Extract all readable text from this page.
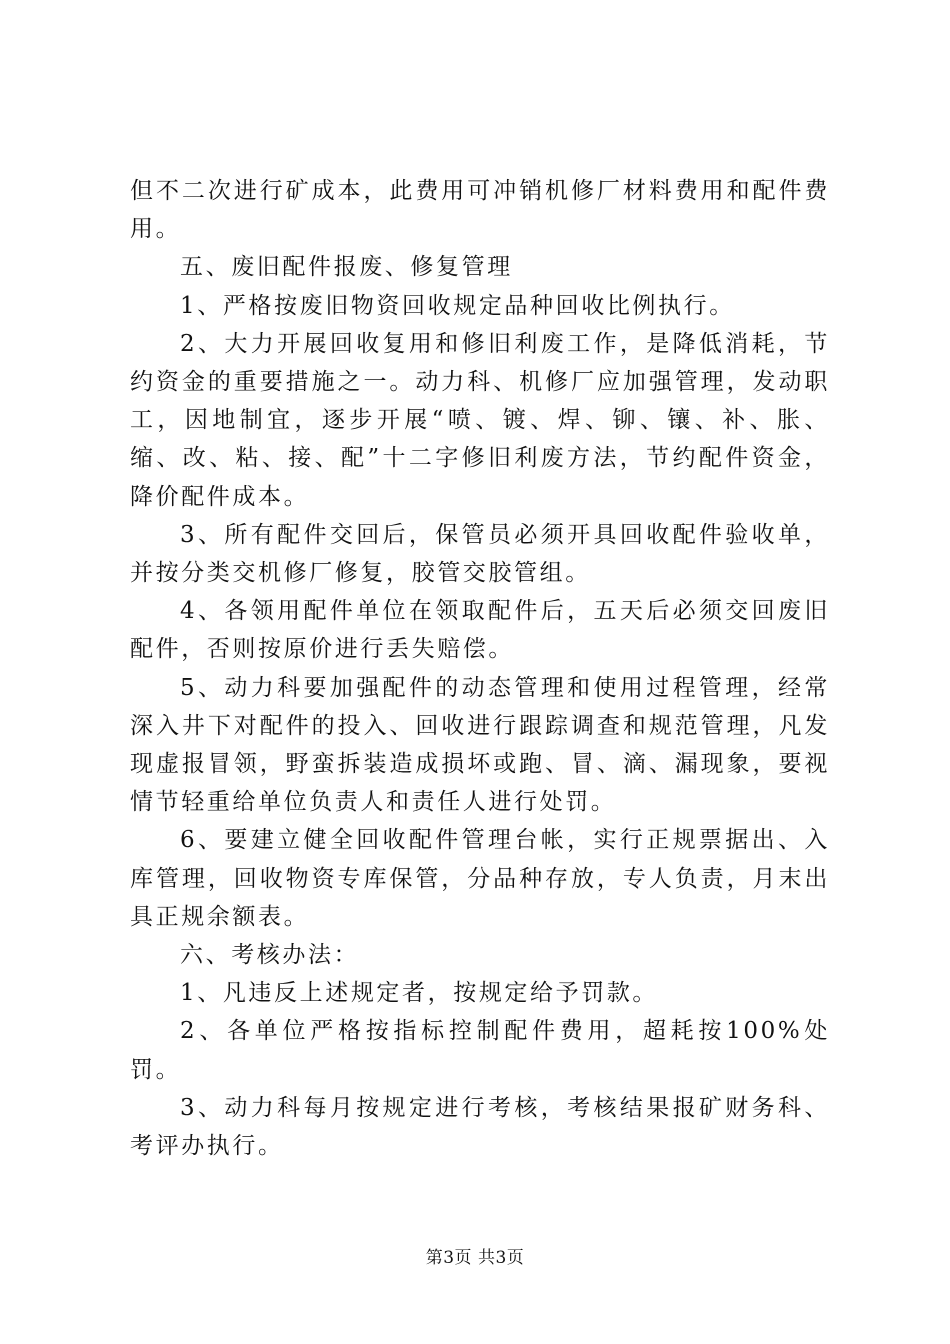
但不二次进行矿成本，此费用可冲销机修厂材料费用和配件费用。

五、废旧配件报废、修复管理

1、严格按废旧物资回收规定品种回收比例执行。

2、大力开展回收复用和修旧利废工作，是降低消耗，节约资金的重要措施之一。动力科、机修厂应加强管理，发动职工，因地制宜，逐步开展“喷、镀、焊、铆、镶、补、胀、缩、改、粘、接、配”十二字修旧利废方法，节约配件资金，降价配件成本。

3、所有配件交回后，保管员必须开具回收配件验收单，并按分类交机修厂修复，胶管交胶管组。

4、各领用配件单位在领取配件后，五天后必须交回废旧配件，否则按原价进行丢失赔偿。

5、动力科要加强配件的动态管理和使用过程管理，经常深入井下对配件的投入、回收进行跟踪调查和规范管理，凡发现虚报冒领，野蛮拆装造成损坏或跑、冒、滴、漏现象，要视情节轻重给单位负责人和责任人进行处罚。

6、要建立健全回收配件管理台帐，实行正规票据出、入库管理，回收物资专库保管，分品种存放，专人负责，月末出具正规余额表。

六、考核办法：

1、凡违反上述规定者，按规定给予罚款。

2、各单位严格按指标控制配件费用，超耗按100%处罚。

3、动力科每月按规定进行考核，考核结果报矿财务科、考评办执行。

第3页 共3页
